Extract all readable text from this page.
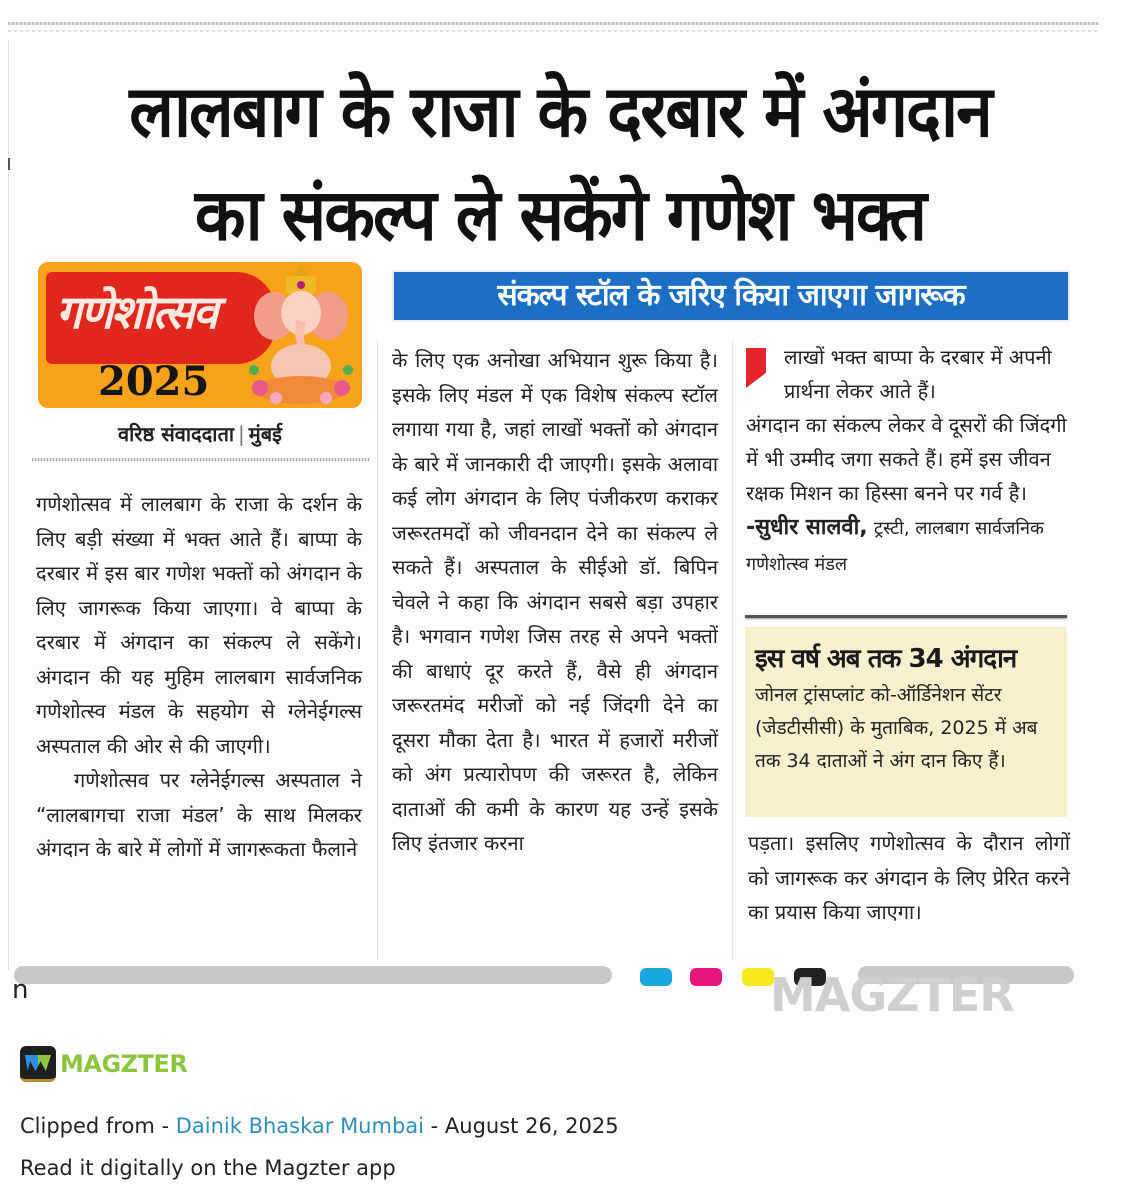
लालबाग के राजा के दरबार में अंगदान
का संकल्प ले सकेंगे गणेश भक्त
गणेशोत्सव
2025
वरिष्ठ संवाददाता | मुंबई
संकल्प स्टॉल के जरिए किया जाएगा जागरूक

गणेशोत्सव में लालबाग के राजा के दर्शन के लिए बड़ी संख्या में भक्त आते हैं। बाप्पा के दरबार में इस बार गणेश भक्तों को अंगदान के लिए जागरूक किया जाएगा। वे बाप्पा के दरबार में अंगदान का संकल्प ले सकेंगे। अंगदान की यह मुहिम लालबाग सार्वजनिक गणेशोत्स्व मंडल के सहयोग से ग्लेनेईगल्स अस्पताल की ओर से की जाएगी।

गणेशोत्सव पर ग्लेनेईगल्स अस्पताल ने “लालबागचा राजा मंडल’ के साथ मिलकर अंगदान के बारे में लोगों में जागरूकता फैलाने

के लिए एक अनोखा अभियान शुरू किया है। इसके लिए मंडल में एक विशेष संकल्प स्टॉल लगाया गया है, जहां लाखों भक्तों को अंगदान के बारे में जानकारी दी जाएगी। इसके अलावा कई लोग अंगदान के लिए पंजीकरण कराकर जरूरतमदों को जीवनदान देने का संकल्प ले सकते हैं। अस्पताल के सीईओ डॉ. बिपिन चेवले ने कहा कि अंगदान सबसे बड़ा उपहार है। भगवान गणेश जिस तरह से अपने भक्तों की बाधाएं दूर करते हैं, वैसे ही अंगदान जरूरतमंद मरीजों को नई जिंदगी देने का दूसरा मौका देता है। भारत में हजारों मरीजों को अंग प्रत्यारोपण की जरूरत है, लेकिन दाताओं की कमी के कारण यह उन्हें इसके लिए इंतजार करना

लाखों भक्त बाप्पा के दरबार में अपनी प्रार्थना लेकर आते हैं।
अंगदान का संकल्प लेकर वे दूसरों की जिंदगी में भी उम्मीद जगा सकते हैं। हमें इस जीवन रक्षक मिशन का हिस्सा बनने पर गर्व है।
-सुधीर सालवी, ट्रस्टी, लालबाग सार्वजनिक गणेशोत्स्व मंडल
इस वर्ष अब तक 34 अंगदान
जोनल ट्रांसप्लांट को-ऑर्डिनेशन सेंटर (जेडटीसीसी) के मुताबिक, 2025 में अब तक 34 दाताओं ने अंग दान किए हैं।

पड़ता। इसलिए गणेशोत्सव के दौरान लोगों को जागरूक कर अंगदान के लिए प्रेरित करने का प्रयास किया जाएगा।

n	MAGZTER
MAGZTER
Clipped from - Dainik Bhaskar Mumbai - August 26, 2025
Read it digitally on the Magzter app
